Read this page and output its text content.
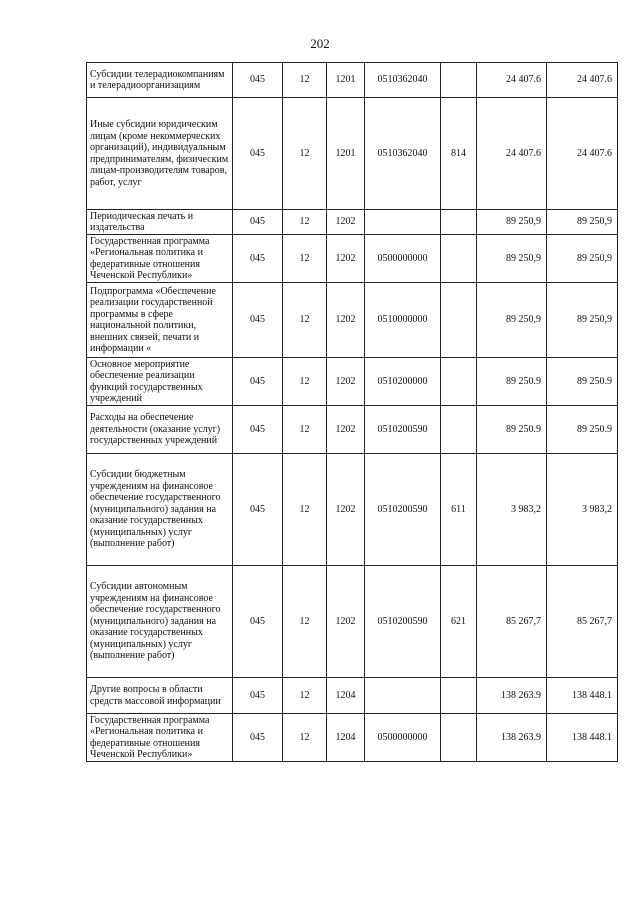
202
Субсидии телерадиокомпаниям и телерадиоорганизациям	045	12	1201	0510362040		24 407.6	24 407.6
Иные субсидии юридическим лицам (кроме некоммерческих организаций), индивидуальным предпринимателям, физическим лицам-производителям товаров, работ, услуг	045	12	1201	0510362040	814	24 407.6	24 407.6
Периодическая печать и издательства	045	12	1202			89 250,9	89 250,9
Государственная программа «Региональная политика и федеративные отношения Чеченской Республики»	045	12	1202	0500000000		89 250,9	89 250,9
Подпрограмма «Обеспечение реализации государственной программы в сфере национальной политики, внешних связей, печати и информации «	045	12	1202	0510000000		89 250,9	89 250,9
Основное мероприятие обеспечение реализации функций государственных учреждений	045	12	1202	0510200000		89 250.9	89 250.9
Расходы на обеспечение деятельности (оказание услуг) государственных учреждений	045	12	1202	0510200590		89 250.9	89 250.9
Субсидии бюджетным учреждениям на финансовое обеспечение государственного (муниципального) задания на оказание государственных (муниципальных) услуг (выполнение работ)	045	12	1202	0510200590	611	3 983,2	3 983,2
Субсидии автономным учреждениям на финансовое обеспечение государственного (муниципального) задания на оказание государственных (муниципальных) услуг (выполнение работ)	045	12	1202	0510200590	621	85 267,7	85 267,7
Другие вопросы в области средств массовой информации	045	12	1204			138 263.9	138 448.1
Государственная программа «Региональная политика и федеративные отношения Чеченской Республики»	045	12	1204	0500000000		138 263.9	138 448.1
